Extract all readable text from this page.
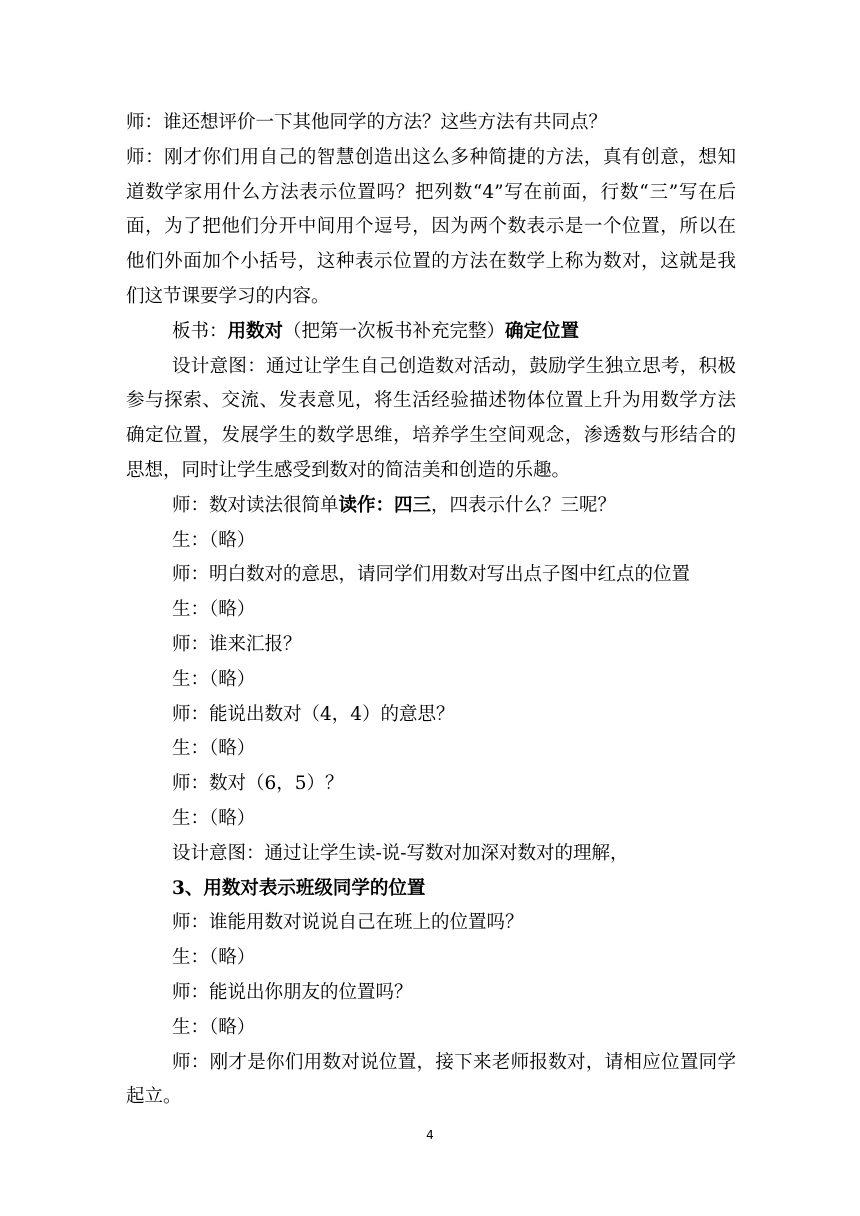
师：谁还想评价一下其他同学的方法？这些方法有共同点？

师：刚才你们用自己的智慧创造出这么多种简捷的方法，真有创意，想知道数学家用什么方法表示位置吗？把列数“4”写在前面，行数“三”写在后面，为了把他们分开中间用个逗号，因为两个数表示是一个位置，所以在他们外面加个小括号，这种表示位置的方法在数学上称为数对，这就是我们这节课要学习的内容。

板书：用数对（把第一次板书补充完整）确定位置

设计意图：通过让学生自己创造数对活动，鼓励学生独立思考，积极参与探索、交流、发表意见，将生活经验描述物体位置上升为用数学方法确定位置，发展学生的数学思维，培养学生空间观念，渗透数与形结合的思想，同时让学生感受到数对的简洁美和创造的乐趣。

师：数对读法很简单读作：四三，四表示什么？三呢？

生：（略）

师：明白数对的意思，请同学们用数对写出点子图中红点的位置

生：（略）

师：谁来汇报？

生：（略）

师：能说出数对（4，4）的意思？

生：（略）

师：数对（6，5）？

生：（略）

设计意图：通过让学生读-说-写数对加深对数对的理解，

3、用数对表示班级同学的位置

师：谁能用数对说说自己在班上的位置吗？

生：（略）

师：能说出你朋友的位置吗？

生：（略）

师：刚才是你们用数对说位置，接下来老师报数对，请相应位置同学起立。

4
